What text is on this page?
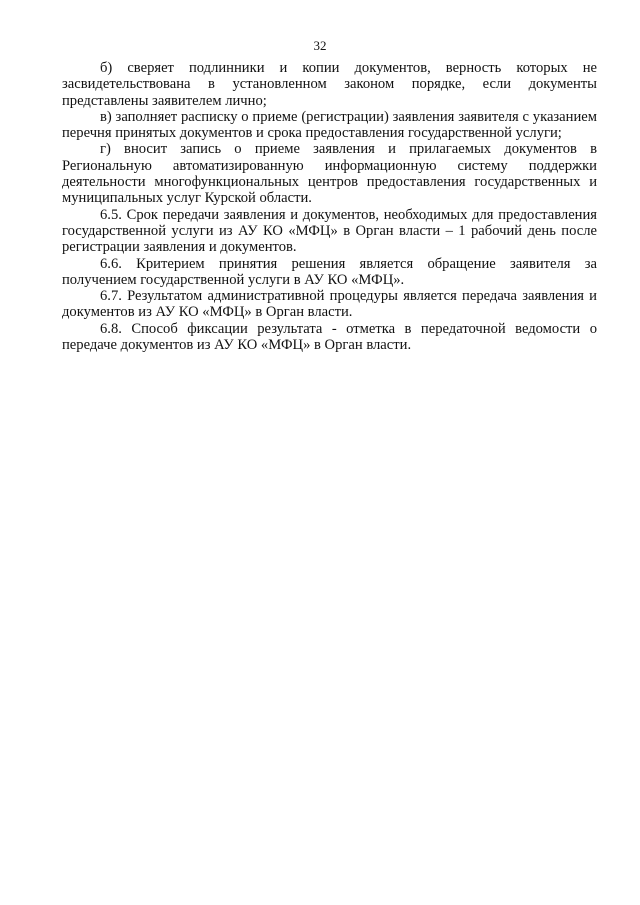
32

б) сверяет подлинники и копии документов, верность которых не засвидетельствована в установленном законом порядке, если документы представлены заявителем лично;

в) заполняет расписку о приеме (регистрации) заявления заявителя с указанием перечня принятых документов и срока предоставления государственной услуги;

г) вносит запись о приеме заявления и прилагаемых документов в Региональную автоматизированную информационную систему поддержки деятельности многофункциональных центров предоставления государственных и муниципальных услуг Курской области.

6.5. Срок передачи заявления и документов, необходимых для предоставления государственной услуги из АУ КО «МФЦ» в Орган власти – 1 рабочий день после регистрации заявления и документов.

6.6. Критерием принятия решения является обращение заявителя за получением государственной услуги в АУ КО «МФЦ».

6.7. Результатом административной процедуры является передача заявления и документов из АУ КО «МФЦ» в Орган власти.

6.8. Способ фиксации результата - отметка в передаточной ведомости о передаче документов из АУ КО «МФЦ» в Орган власти.
